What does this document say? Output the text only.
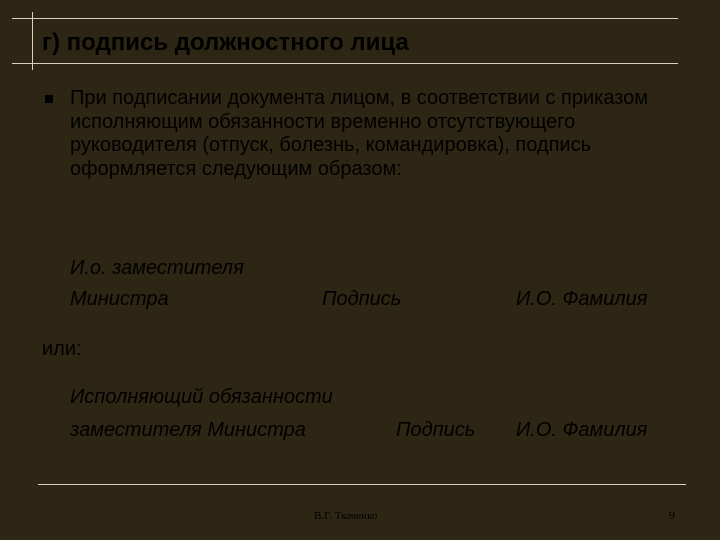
г) подпись должностного лица
При подписании документа лицом, в соответствии с приказом исполняющим обязанности временно отсутствующего руководителя (отпуск, болезнь, командировка), подпись оформляется следующим образом:
И.о. заместителя
Министра	Подпись	И.О. Фамилия
или:
Исполняющий обязанности
заместителя Министра	Подпись И.О. Фамилия
В.Г. Ткаченко	9
